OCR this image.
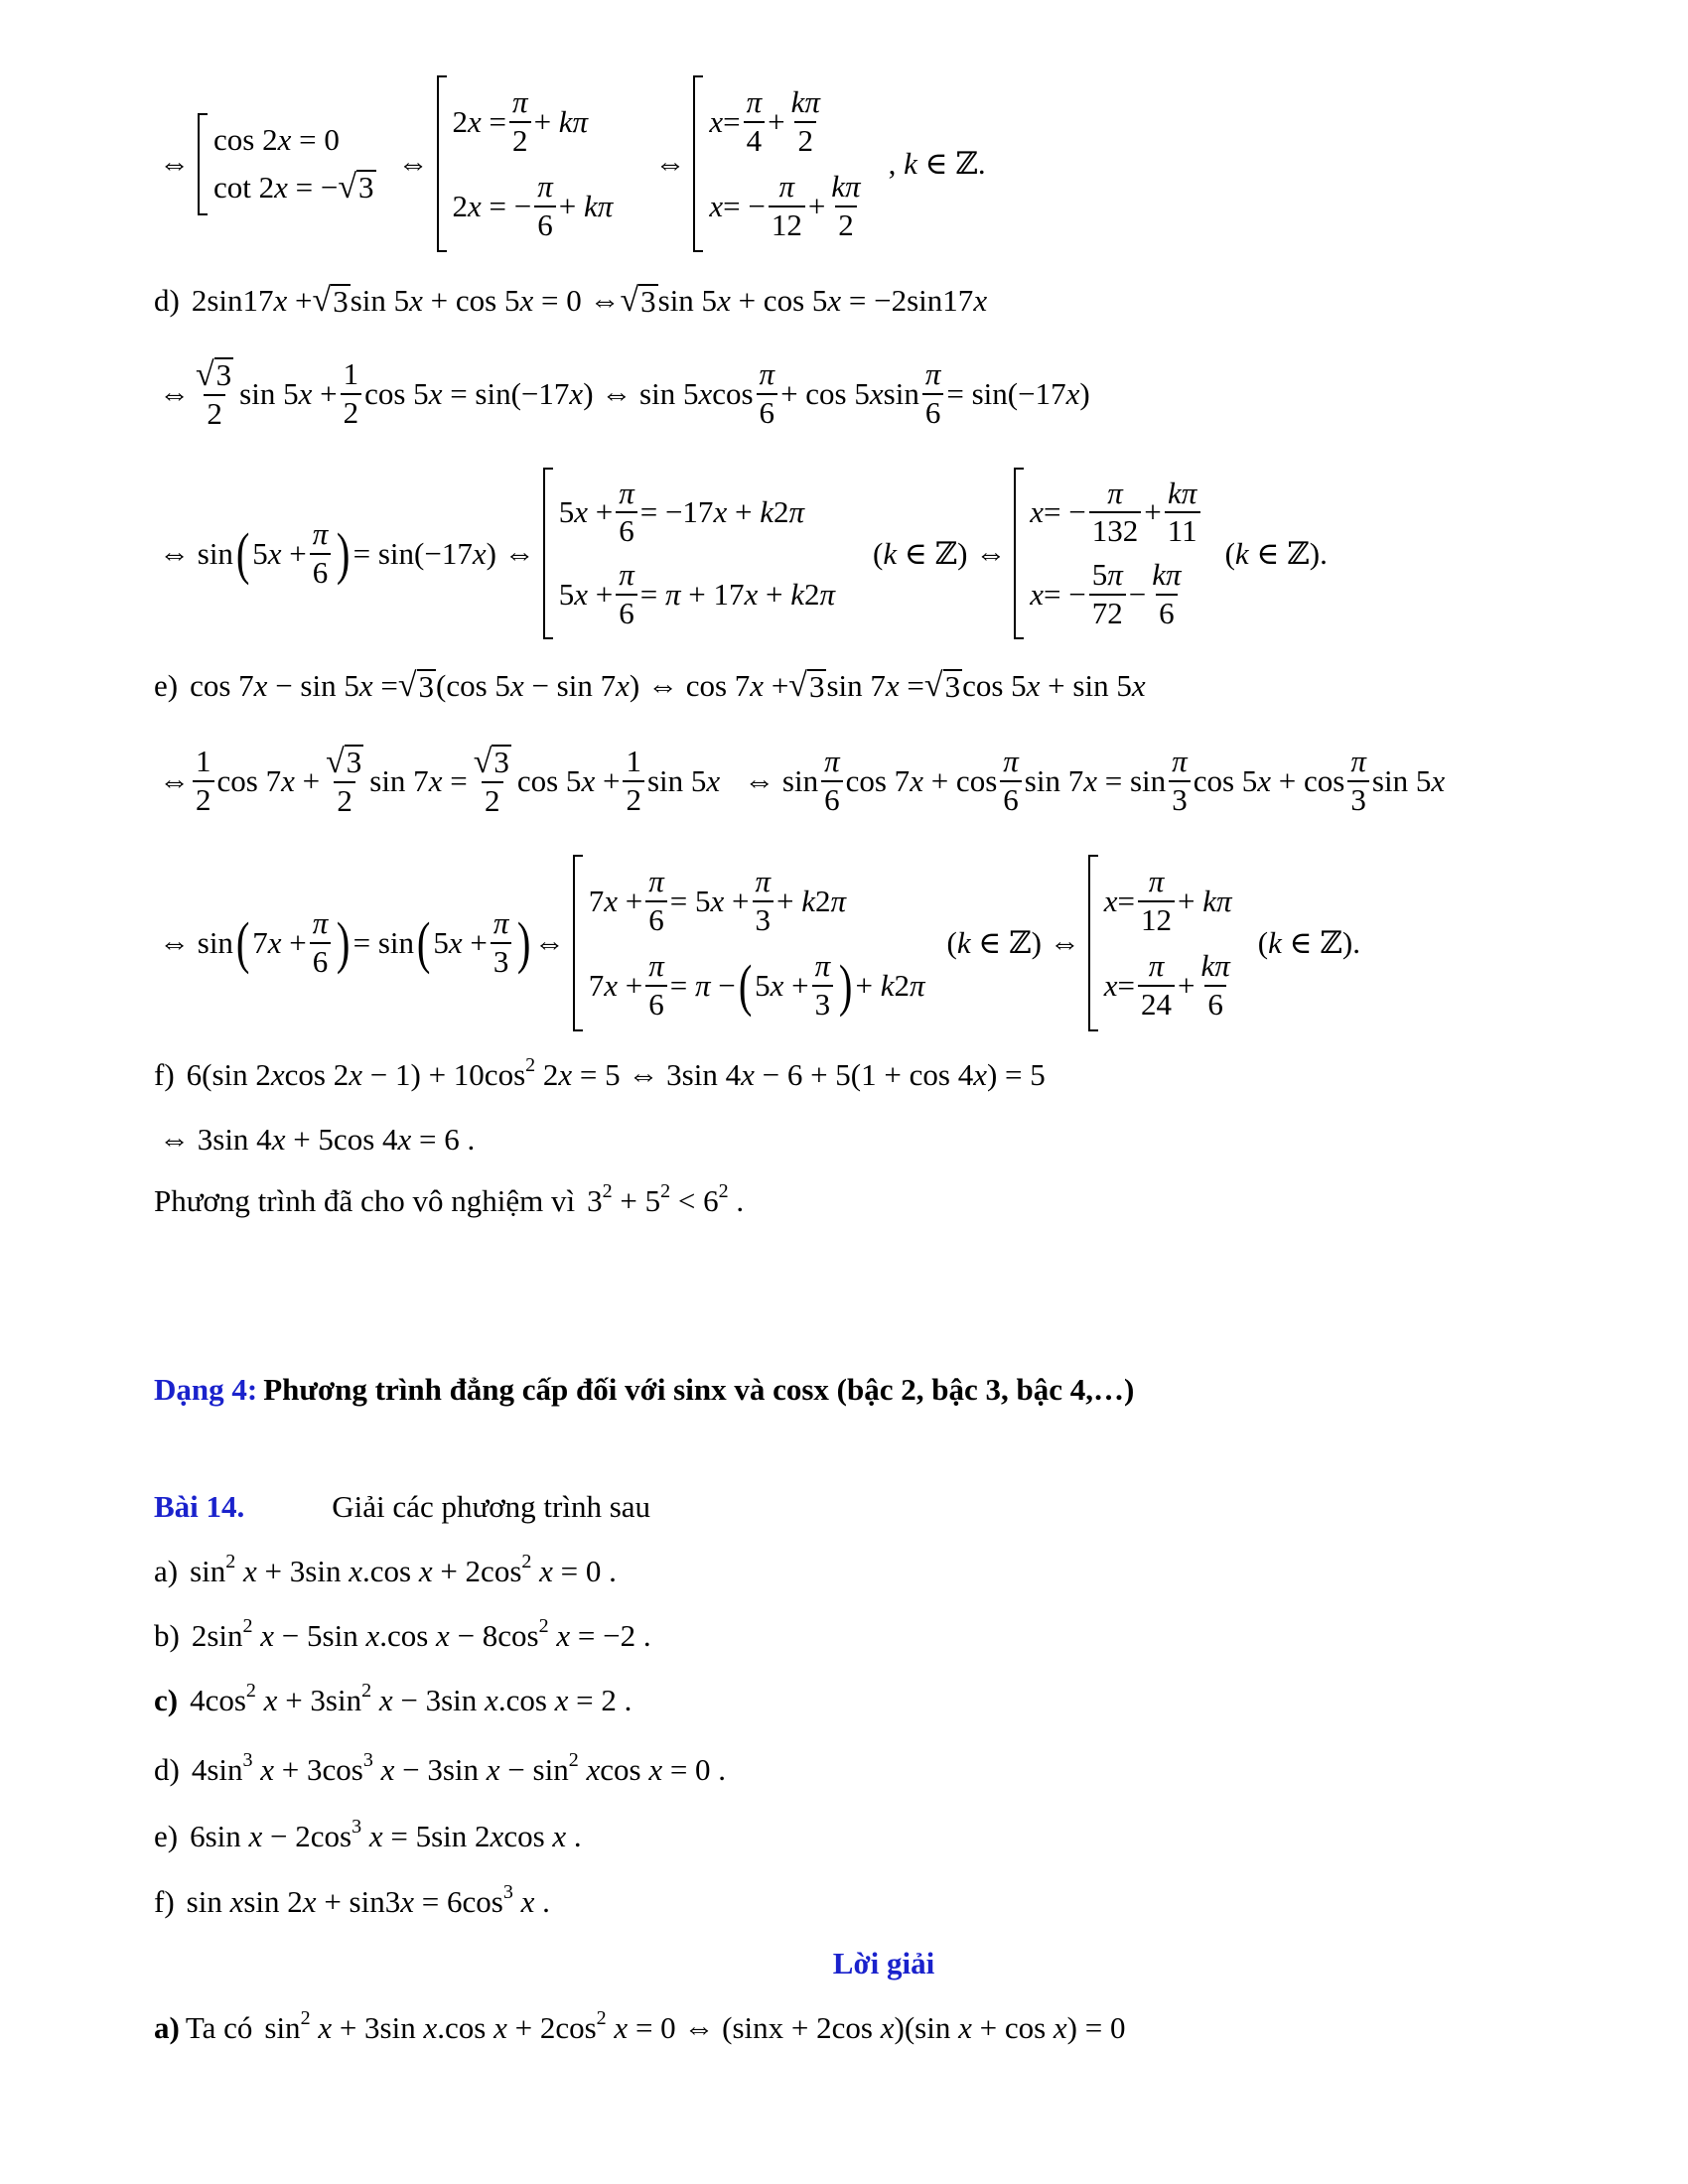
⇔
cos 2x = 0
cot 2x = − √ 3
⇔
$2x = \frac{\pi}{2} + k\pi$
2x = − $\frac{\pi}{6} + k\pi$
⇔
$x = \frac{\pi}{4} + \frac{k\pi}{2}$
x = − $\frac{\pi}{12} + \frac{k\pi}{2}$
, k ∈ ℤ.
d) 2sin17x + √ 3 sin 5x + cos 5x = 0 ⇔ √ 3 sin 5x + cos 5x = −2sin17x
⇔ $\frac{√ 3}{2}$ $\sin 5x + \frac{1}{2}$ cos 5x = sin(−17x) ⇔ $\sin 5xcos \frac{\pi}{6} + \cos 5xsin \frac{\pi}{6} = \sin(-17x)$
⇔ sin ( $5x + \frac{\pi}{6}$ ) = sin(−17x) ⇔
$5x + \frac{\pi}{6} = -17x + k2\pi$
$5x + \frac{\pi}{6} = \pi + 17x + k2\pi$
(k ∈ ℤ) ⇔
x = − $\frac{\pi}{132} + \frac{k\pi}{11}$
x = − $\frac{5\pi}{72} - \frac{k\pi}{6}$
(k ∈ ℤ).
e) cos 7x − sin 5x = √ 3 (cos 5x − sin 7x) ⇔ cos 7x + √ 3 sin 7x = √ 3 cos 5x + sin 5x
⇔ $\frac{1}{2}$ $\cos 7x + \frac{√ 3}{2}$ $\sin 7x = \frac{√ 3}{2}$ $\cos 5x + \frac{1}{2}$ sin 5x ⇔ $\sin \frac{\pi}{6}$ $\cos 7x + \cos \frac{\pi}{6}$ $\sin 7x = \sin \frac{\pi}{3}$ $\cos 5x + \cos \frac{\pi}{3}$ sin 5x
⇔ sin ( $7x + \frac{\pi}{6}$ ) = sin ( $5x + \frac{\pi}{3}$ ) ⇔
$7x + \frac{\pi}{6} = 5x + \frac{\pi}{3} + k2\pi$
$7x + \frac{\pi}{6} = \pi$ − ( $5x + \frac{\pi}{3}$ ) + k2π
(k ∈ ℤ) ⇔
$x = \frac{\pi}{12} + k\pi$
$x = \frac{\pi}{24} + \frac{k\pi}{6}$
(k ∈ ℤ).
f) 6(sin 2xcos $2x - 1) + 10\cos^2$ 2x = 5 ⇔ 3sin 4x − 6 + 5(1 + cos 4x) = 5
⇔ 3sin 4x + 5cos 4x = 6 .
Phương trình đã cho vô nghiệm vì $3^2 + 5^2 < 6^2$ .
Dạng 4: Phương trình đẳng cấp đối với sinx và cosx (bậc 2, bậc 3, bậc 4,…)
Bài 14.	Giải các phương trình sau
a) $\sin^2 x + 3\sin$ x.cos $x + 2\cos^2$ x = 0 .
b) $2\sin^2$ x − 5sin x.cos $x - 8\cos^2$ x = −2 .
c) $4\cos^2$ $x + 3\sin^2$ x − 3sin x.cos x = 2 .
d) $4\sin^3$ $x + 3\cos^3$ x − 3sin $x - \sin^2 xcos$ x = 0 .
e) 6sin $x - 2\cos^3$ x = 5sin 2xcos x .
f) sin xsin $2x + \sin 3x = 6\cos^3$ x .
Lời giải
a) Ta có $\sin^2 x + 3\sin$ x.cos $x + 2\cos^2$ x = 0 ⇔ (sinx + 2cos x)(sin x + cos x) = 0
